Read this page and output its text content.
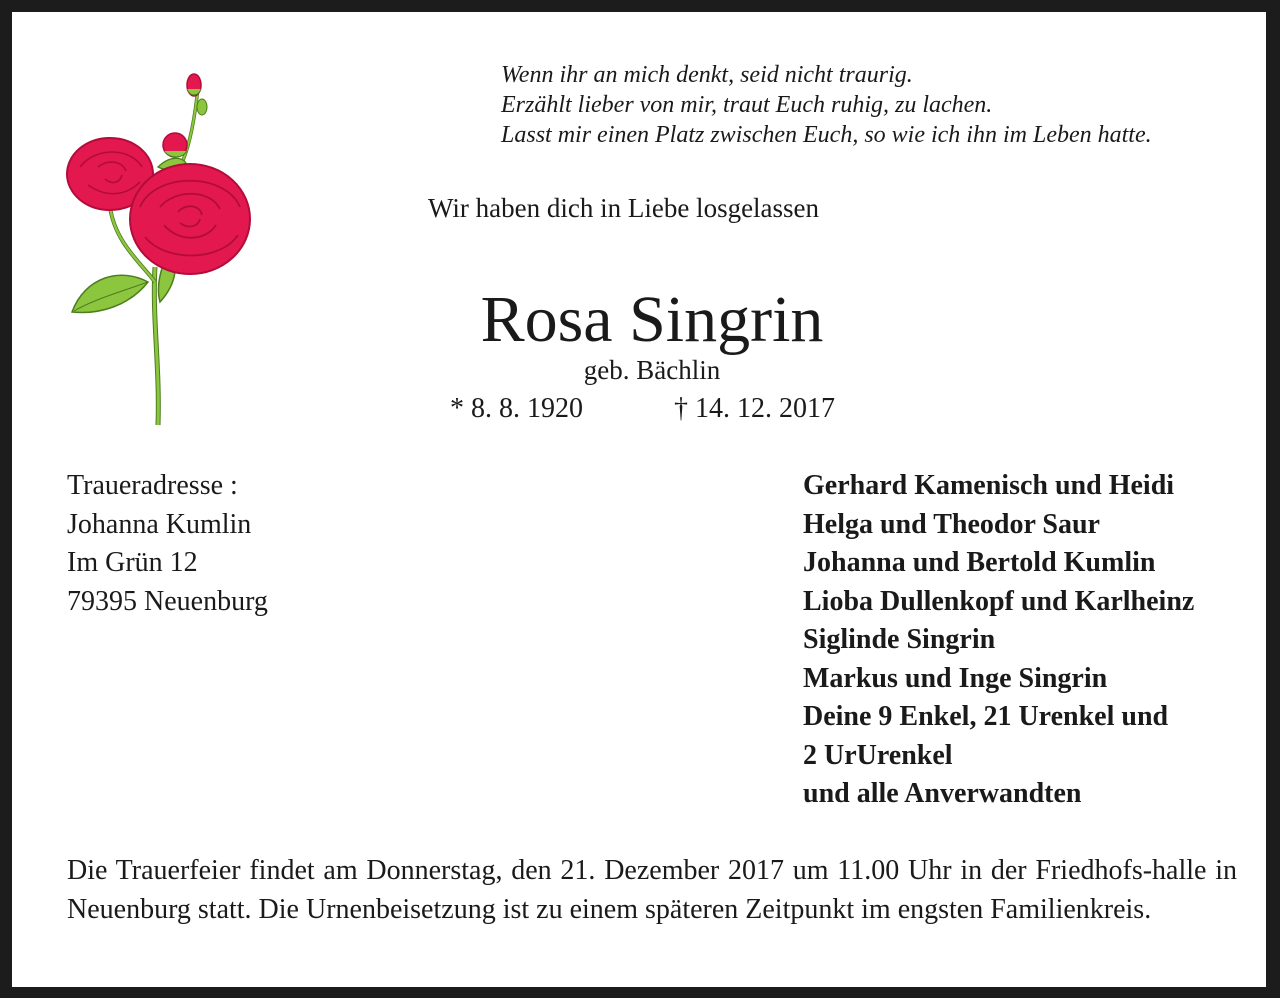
Wenn ihr an mich denkt, seid nicht traurig.
Erzählt lieber von mir, traut Euch ruhig, zu lachen.
Lasst mir einen Platz zwischen Euch, so wie ich ihn im Leben hatte.
Wir haben dich in Liebe losgelassen
Rosa Singrin
geb. Bächlin
* 8. 8. 1920	† 14. 12. 2017
Traueradresse :
Johanna Kumlin
Im Grün 12
79395 Neuenburg
Gerhard Kamenisch und Heidi
Helga und Theodor Saur
Johanna und Bertold Kumlin
Lioba Dullenkopf und Karlheinz
Siglinde Singrin
Markus und Inge Singrin
Deine 9 Enkel, 21 Urenkel und
2 UrUrenkel
und alle Anverwandten
Die Trauerfeier findet am Donnerstag, den 21. Dezember 2017 um 11.00 Uhr in der Friedhofs-halle in Neuenburg statt. Die Urnenbeisetzung ist zu einem späteren Zeitpunkt im engsten Familienkreis.
